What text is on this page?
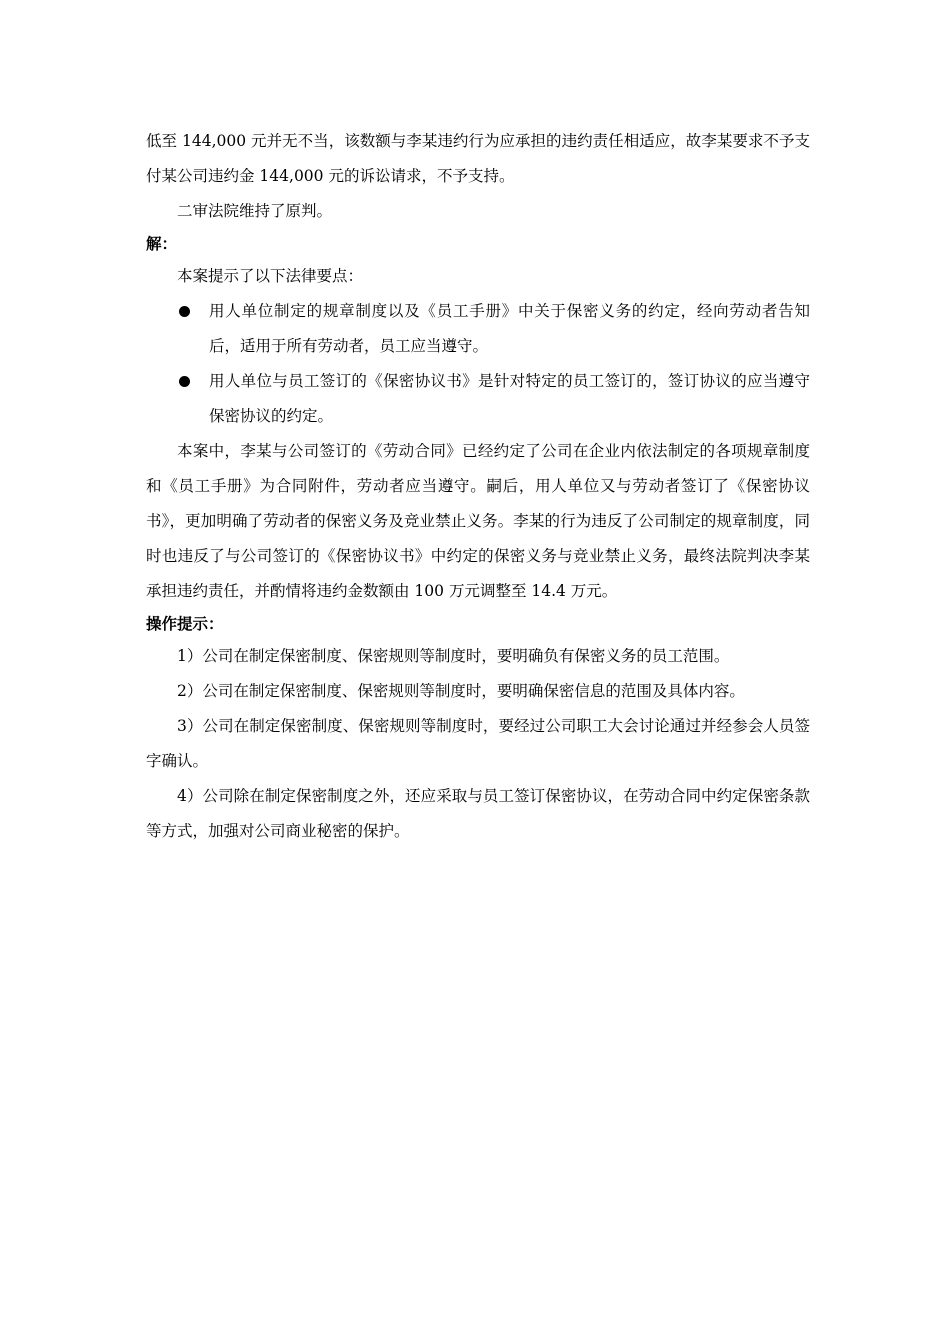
低至 144,000 元并无不当，该数额与李某违约行为应承担的违约责任相适应，故李某要求不予支付某公司违约金 144,000 元的诉讼请求，不予支持。

二审法院维持了原判。

解：

本案提示了以下法律要点：

用人单位制定的规章制度以及《员工手册》中关于保密义务的约定，经向劳动者告知后，适用于所有劳动者，员工应当遵守。
用人单位与员工签订的《保密协议书》是针对特定的员工签订的，签订协议的应当遵守保密协议的约定。

本案中，李某与公司签订的《劳动合同》已经约定了公司在企业内依法制定的各项规章制度和《员工手册》为合同附件，劳动者应当遵守。嗣后，用人单位又与劳动者签订了《保密协议书》，更加明确了劳动者的保密义务及竞业禁止义务。李某的行为违反了公司制定的规章制度，同时也违反了与公司签订的《保密协议书》中约定的保密义务与竞业禁止义务，最终法院判决李某承担违约责任，并酌情将违约金数额由 100 万元调整至 14.4 万元。

操作提示：

1）公司在制定保密制度、保密规则等制度时，要明确负有保密义务的员工范围。

2）公司在制定保密制度、保密规则等制度时，要明确保密信息的范围及具体内容。

3）公司在制定保密制度、保密规则等制度时，要经过公司职工大会讨论通过并经参会人员签字确认。

4）公司除在制定保密制度之外，还应采取与员工签订保密协议，在劳动合同中约定保密条款等方式，加强对公司商业秘密的保护。
